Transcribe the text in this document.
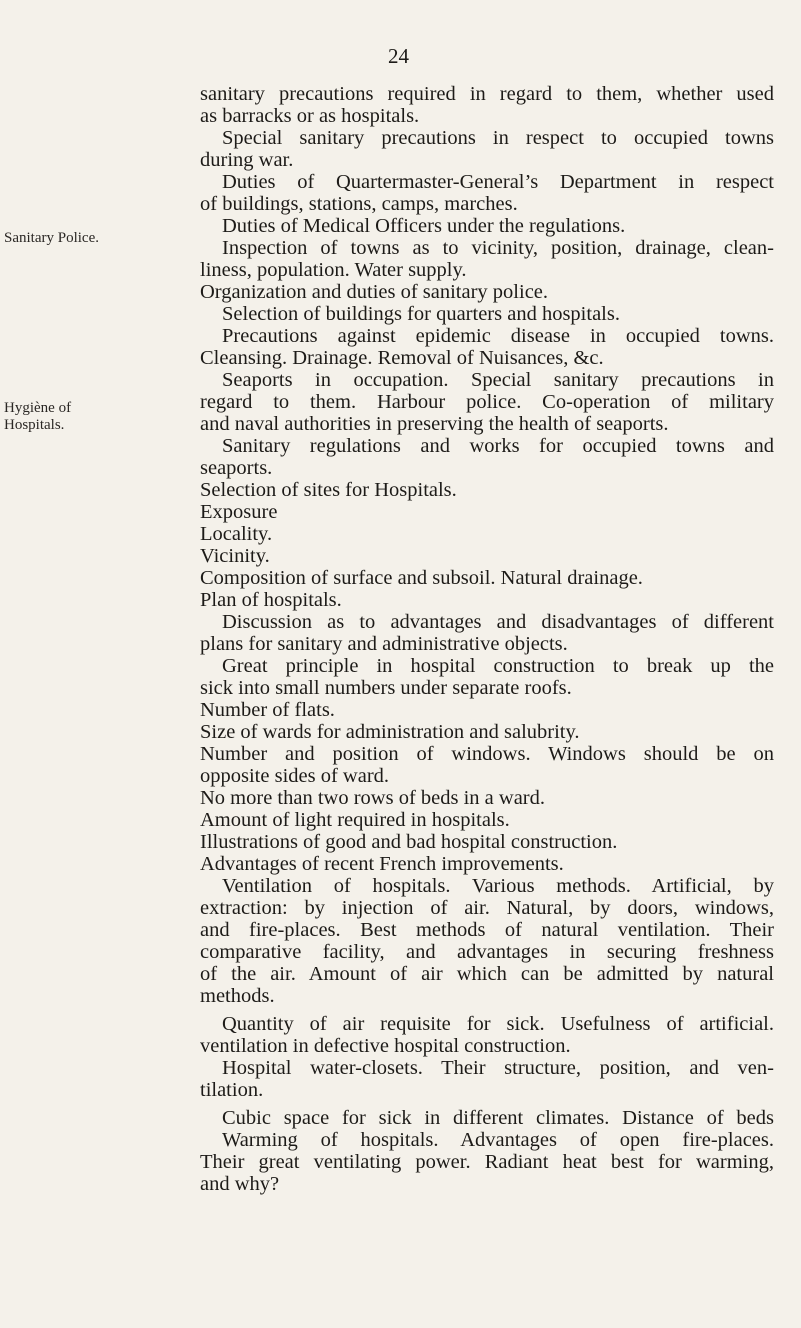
24
Sanitary Police.
Hygiène of
Hospitals.
sanitary precautions required in regard to them, whether used
as barracks or as hospitals.
Special sanitary precautions in respect to occupied towns
during war.
Duties of Quartermaster-General’s Department in respect
of buildings, stations, camps, marches.
Duties of Medical Officers under the regulations.
Inspection of towns as to vicinity, position, drainage, clean-
liness, population. Water supply.
Organization and duties of sanitary police.
Selection of buildings for quarters and hospitals.
Precautions against epidemic disease in occupied towns.
Cleansing. Drainage. Removal of Nuisances, &c.
Seaports in occupation. Special sanitary precautions in
regard to them. Harbour police. Co-operation of military
and naval authorities in preserving the health of seaports.
Sanitary regulations and works for occupied towns and
seaports.
Selection of sites for Hospitals.
Exposure
Locality.
Vicinity.
Composition of surface and subsoil. Natural drainage.
Plan of hospitals.
Discussion as to advantages and disadvantages of different
plans for sanitary and administrative objects.
Great principle in hospital construction to break up the
sick into small numbers under separate roofs.
Number of flats.
Size of wards for administration and salubrity.
Number and position of windows. Windows should be on
opposite sides of ward.
No more than two rows of beds in a ward.
Amount of light required in hospitals.
Illustrations of good and bad hospital construction.
Advantages of recent French improvements.
Ventilation of hospitals. Various methods. Artificial, by
extraction: by injection of air. Natural, by doors, windows,
and fire-places. Best methods of natural ventilation. Their
comparative facility, and advantages in securing freshness
of the air. Amount of air which can be admitted by natural
methods.
Quantity of air requisite for sick. Usefulness of artificial.
ventilation in defective hospital construction.
Hospital water-closets. Their structure, position, and ven-
tilation.
Cubic space for sick in different climates. Distance of beds
Warming of hospitals. Advantages of open fire-places.
Their great ventilating power. Radiant heat best for warming,
and why?
